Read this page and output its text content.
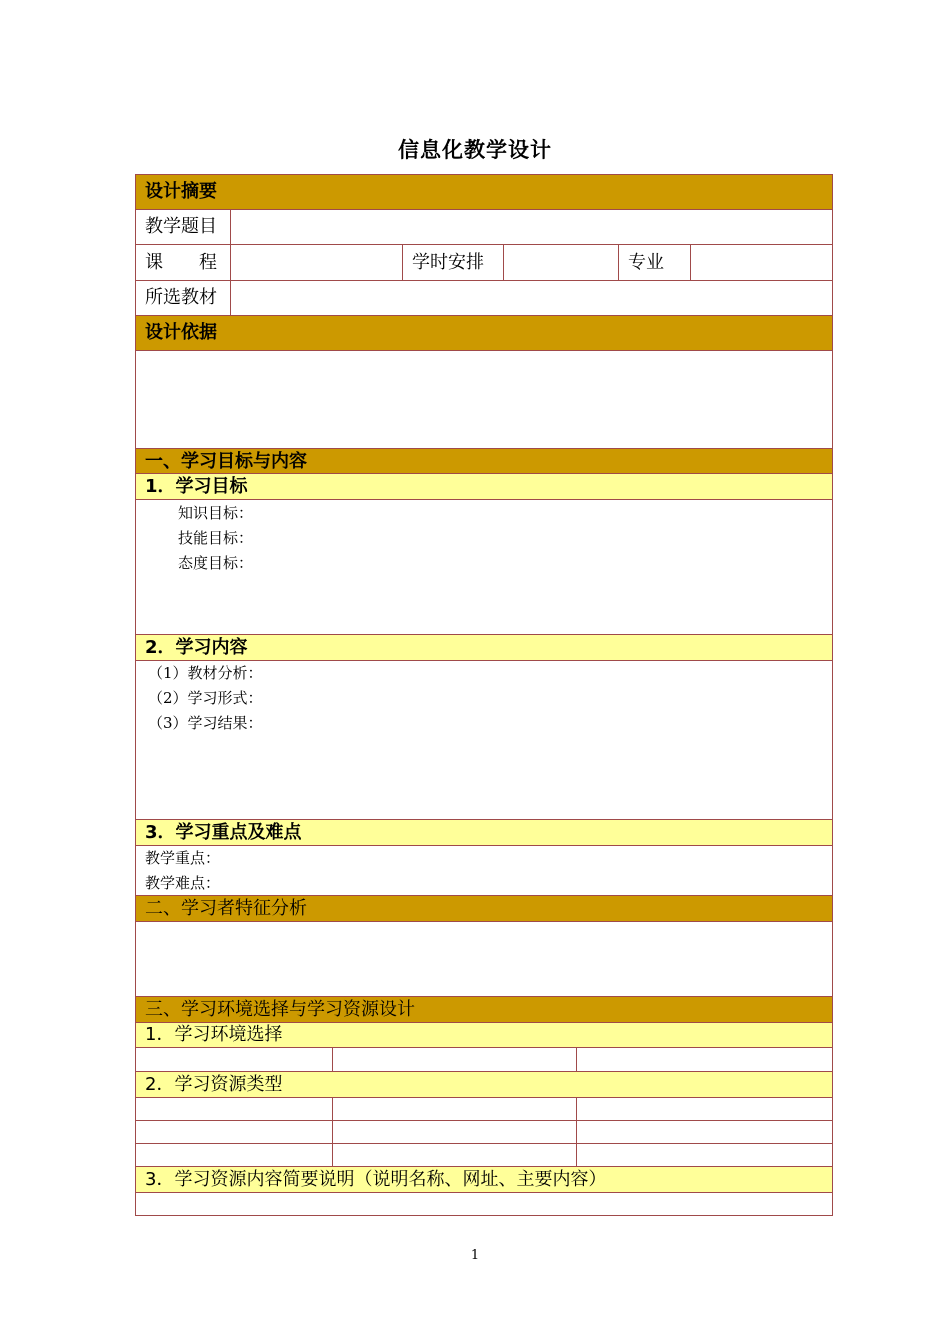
信息化教学设计
设计摘要
教学题目
课　　程	学时安排	专业
所选教材
设计依据
一、学习目标与内容
1．学习目标
知识目标：
技能目标：
态度目标：
2．学习内容
（1）教材分析：
（2）学习形式：
（3）学习结果：
3．学习重点及难点
教学重点：
教学难点：
二、学习者特征分析
三、学习环境选择与学习资源设计
1．学习环境选择
2．学习资源类型
3．学习资源内容简要说明（说明名称、网址、主要内容）
1
